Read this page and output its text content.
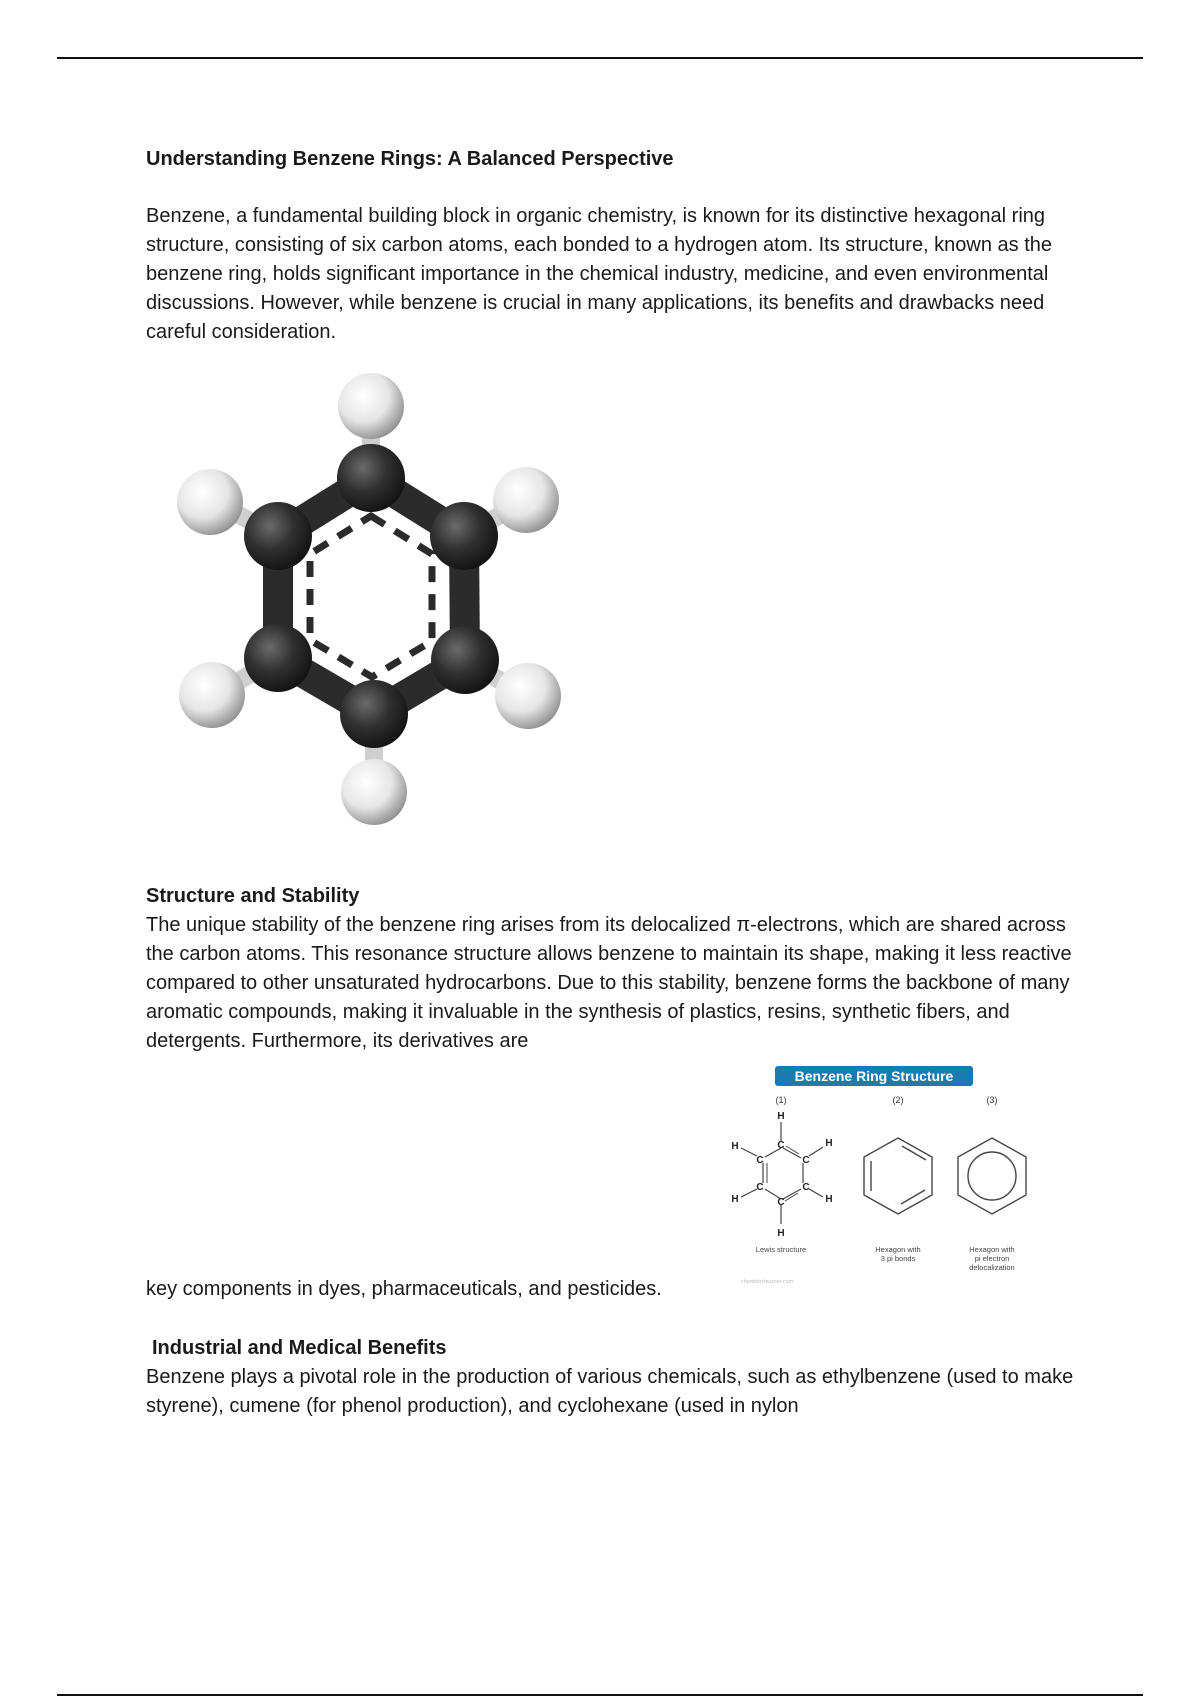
Understanding Benzene Rings: A Balanced Perspective

Benzene, a fundamental building block in organic chemistry, is known for its distinctive hexagonal ring structure, consisting of six carbon atoms, each bonded to a hydrogen atom. Its structure, known as the benzene ring, holds significant importance in the chemical industry, medicine, and even environmental discussions. However, while benzene is crucial in many applications, its benefits and drawbacks need careful consideration.

Structure and Stability

The unique stability of the benzene ring arises from its delocalized π-electrons, which are shared across the carbon atoms. This resonance structure allows benzene to maintain its shape, making it less reactive compared to other unsaturated hydrocarbons. Due to this stability, benzene forms the backbone of many aromatic compounds, making it invaluable in the synthesis of plastics, resins, synthetic fibers, and detergents. Furthermore, its derivatives are

key components in dyes, pharmaceuticals, and pesticides.

Benzene Ring Structure
(1)	(2)	(3)
H
C
C	C
C	C
C
H	H
H	H
H
Lewis structure	Hexagon with
3 pi bonds
Hexagon with
pi electron
delocalization
chemistrylearner.com
Industrial and Medical Benefits

Benzene plays a pivotal role in the production of various chemicals, such as ethylbenzene (used to make styrene), cumene (for phenol production), and cyclohexane (used in nylon
